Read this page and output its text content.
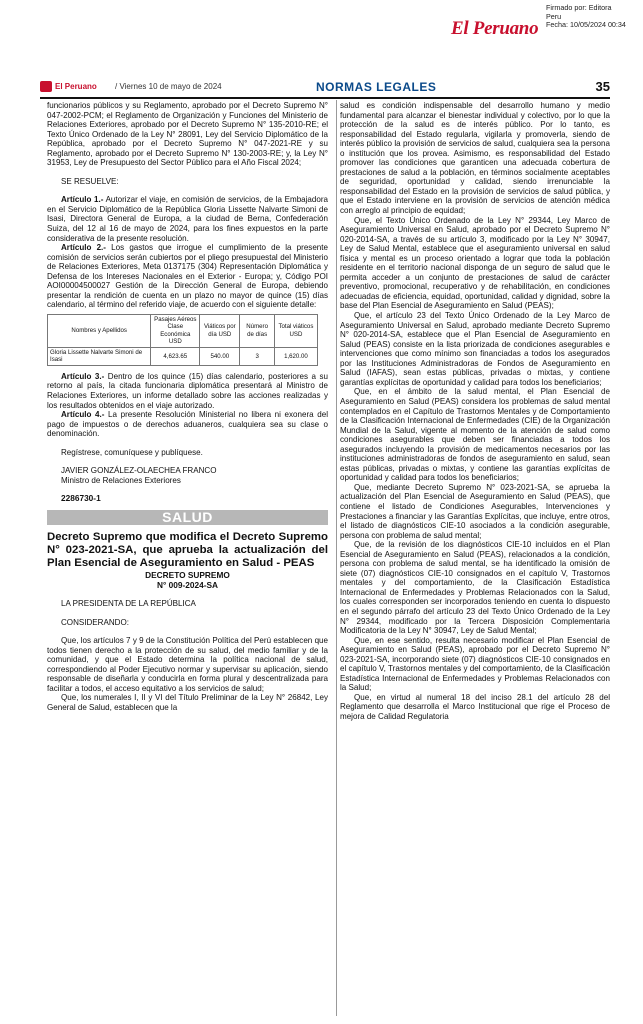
El Peruano
Firmado por: Editora
Peru
Fecha: 10/05/2024 00:34
El Peruano / Viernes 10 de mayo de 2024	NORMAS LEGALES	35

funcionarios públicos y su Reglamento, aprobado por el Decreto Supremo N° 047-2002-PCM; el Reglamento de Organización y Funciones del Ministerio de Relaciones Exteriores, aprobado por el Decreto Supremo N° 135-2010-RE; el Texto Único Ordenado de la Ley N° 28091, Ley del Servicio Diplomático de la República, aprobado por el Decreto Supremo N° 047-2021-RE y su Reglamento, aprobado por el Decreto Supremo N° 130-2003-RE; y, la Ley N° 31953, Ley de Presupuesto del Sector Público para el Año Fiscal 2024;

SE RESUELVE:

Artículo 1.- Autorizar el viaje, en comisión de servicios, de la Embajadora en el Servicio Diplomático de la República Gloria Lissette Nalvarte Simoni de Isasi, Directora General de Europa, a la ciudad de Berna, Confederación Suiza, del 12 al 16 de mayo de 2024, para los fines expuestos en la parte considerativa de la presente resolución.

Artículo 2.- Los gastos que irrogue el cumplimiento de la presente comisión de servicios serán cubiertos por el pliego presupuestal del Ministerio de Relaciones Exteriores, Meta 0137175 (304) Representación Diplomática y Defensa de los Intereses Nacionales en el Exterior - Europa; y, Código POI AOI00004500027 Gestión de la Dirección General de Europa, debiendo presentar la rendición de cuenta en un plazo no mayor de quince (15) días calendario, al término del referido viaje, de acuerdo con el siguiente detalle:

Nombres y Apellidos	Pasajes Aéreos Clase Económica USD	Viáticos por día USD	Número de días	Total viáticos USD
Gloria Lissette Nalvarte Simoni de Isasi	4,623.65	540.00	3	1,620.00

Artículo 3.- Dentro de los quince (15) días calendario, posteriores a su retorno al país, la citada funcionaria diplomática presentará al Ministro de Relaciones Exteriores, un informe detallado sobre las acciones realizadas y los resultados obtenidos en el viaje autorizado.

Artículo 4.- La presente Resolución Ministerial no libera ni exonera del pago de impuestos o de derechos aduaneros, cualquiera sea su clase o denominación.

Regístrese, comuníquese y publíquese.

JAVIER GONZÁLEZ-OLAECHEA FRANCO

Ministro de Relaciones Exteriores

2286730-1

SALUD

Decreto Supremo que modifica el Decreto Supremo N° 023-2021-SA, que aprueba la actualización del Plan Esencial de Aseguramiento en Salud - PEAS

DECRETO SUPREMO

N° 009-2024-SA

LA PRESIDENTA DE LA REPÚBLICA

CONSIDERANDO:

Que, los artículos 7 y 9 de la Constitución Política del Perú establecen que todos tienen derecho a la protección de su salud, del medio familiar y de la comunidad, y que el Estado determina la política nacional de salud, correspondiendo al Poder Ejecutivo normar y supervisar su aplicación, siendo responsable de diseñarla y conducirla en forma plural y descentralizada para facilitar a todos, el acceso equitativo a los servicios de salud;

Que, los numerales I, II y VI del Título Preliminar de la Ley N° 26842, Ley General de Salud, establecen que la

salud es condición indispensable del desarrollo humano y medio fundamental para alcanzar el bienestar individual y colectivo, por lo que la protección de la salud es de interés público. Por lo tanto, es responsabilidad del Estado regularla, vigilarla y promoverla, siendo de interés público la provisión de servicios de salud, cualquiera sea la persona o institución que los provea. Asimismo, es responsabilidad del Estado promover las condiciones que garanticen una adecuada cobertura de prestaciones de salud a la población, en términos socialmente aceptables de seguridad, oportunidad y calidad, siendo irrenunciable la responsabilidad del Estado en la provisión de servicios de salud pública, y que el Estado interviene en la provisión de servicios de atención médica con arreglo al principio de equidad;

Que, el Texto Único Ordenado de la Ley N° 29344, Ley Marco de Aseguramiento Universal en Salud, aprobado por el Decreto Supremo N° 020-2014-SA, a través de su artículo 3, modificado por la Ley N° 30947, Ley de Salud Mental, establece que el aseguramiento universal en salud física y mental es un proceso orientado a lograr que toda la población residente en el territorio nacional disponga de un seguro de salud que le permita acceder a un conjunto de prestaciones de salud de carácter preventivo, promocional, recuperativo y de rehabilitación, en condiciones adecuadas de eficiencia, equidad, oportunidad, calidad y dignidad, sobre la base del Plan Esencial de Aseguramiento en Salud (PEAS);

Que, el artículo 23 del Texto Único Ordenado de la Ley Marco de Aseguramiento Universal en Salud, aprobado mediante Decreto Supremo N° 020-2014-SA, establece que el Plan Esencial de Aseguramiento en Salud (PEAS) consiste en la lista priorizada de condiciones asegurables e intervenciones que como mínimo son financiadas a todos los asegurados por las Instituciones Administradoras de Fondos de Aseguramiento en Salud (IAFAS), sean estas públicas, privadas o mixtas, y contiene garantías explícitas de oportunidad y calidad para todos los beneficiarios;

Que, en el ámbito de la salud mental, el Plan Esencial de Aseguramiento en Salud (PEAS) considera los problemas de salud mental contemplados en el Capítulo de Trastornos Mentales y de Comportamiento de la Clasificación Internacional de Enfermedades (CIE) de la Organización Mundial de la Salud, vigente al momento de la atención de salud como condiciones asegurables que deben ser financiadas a todos los asegurados incluyendo la provisión de medicamentos necesarios por las instituciones administradoras de fondos de aseguramiento en salud, sean estas públicas, privadas o mixtas, y contiene las garantías explícitas de oportunidad y calidad para todos los beneficiarios;

Que, mediante Decreto Supremo N° 023-2021-SA, se aprueba la actualización del Plan Esencial de Aseguramiento en Salud (PEAS), que contiene el listado de Condiciones Asegurables, Intervenciones y Prestaciones a financiar y las Garantías Explícitas, que incluye, entre otros, el listado de diagnósticos CIE-10 asociados a la condición asegurable, persona con problema de salud mental;

Que, de la revisión de los diagnósticos CIE-10 incluidos en el Plan Esencial de Aseguramiento en Salud (PEAS), relacionados a la condición, persona con problema de salud mental, se ha identificado la omisión de siete (07) diagnósticos CIE-10 consignados en el capítulo V, Trastornos mentales y del comportamiento, de la Clasificación Estadística Internacional de Enfermedades y Problemas Relacionados con la Salud, los cuales corresponden ser incorporados teniendo en cuenta lo dispuesto en el segundo párrafo del artículo 23 del Texto Único Ordenado de la Ley N° 29344, modificado por la Tercera Disposición Complementaria Modificatoria de la Ley N° 30947, Ley de Salud Mental;

Que, en ese sentido, resulta necesario modificar el Plan Esencial de Aseguramiento en Salud (PEAS), aprobado por el Decreto Supremo N° 023-2021-SA, incorporando siete (07) diagnósticos CIE-10 consignados en el capítulo V, Trastornos mentales y del comportamiento, de la Clasificación Estadística Internacional de Enfermedades y Problemas Relacionados con la Salud;

Que, en virtud al numeral 18 del inciso 28.1 del artículo 28 del Reglamento que desarrolla el Marco Institucional que rige el Proceso de mejora de Calidad Regulatoria
